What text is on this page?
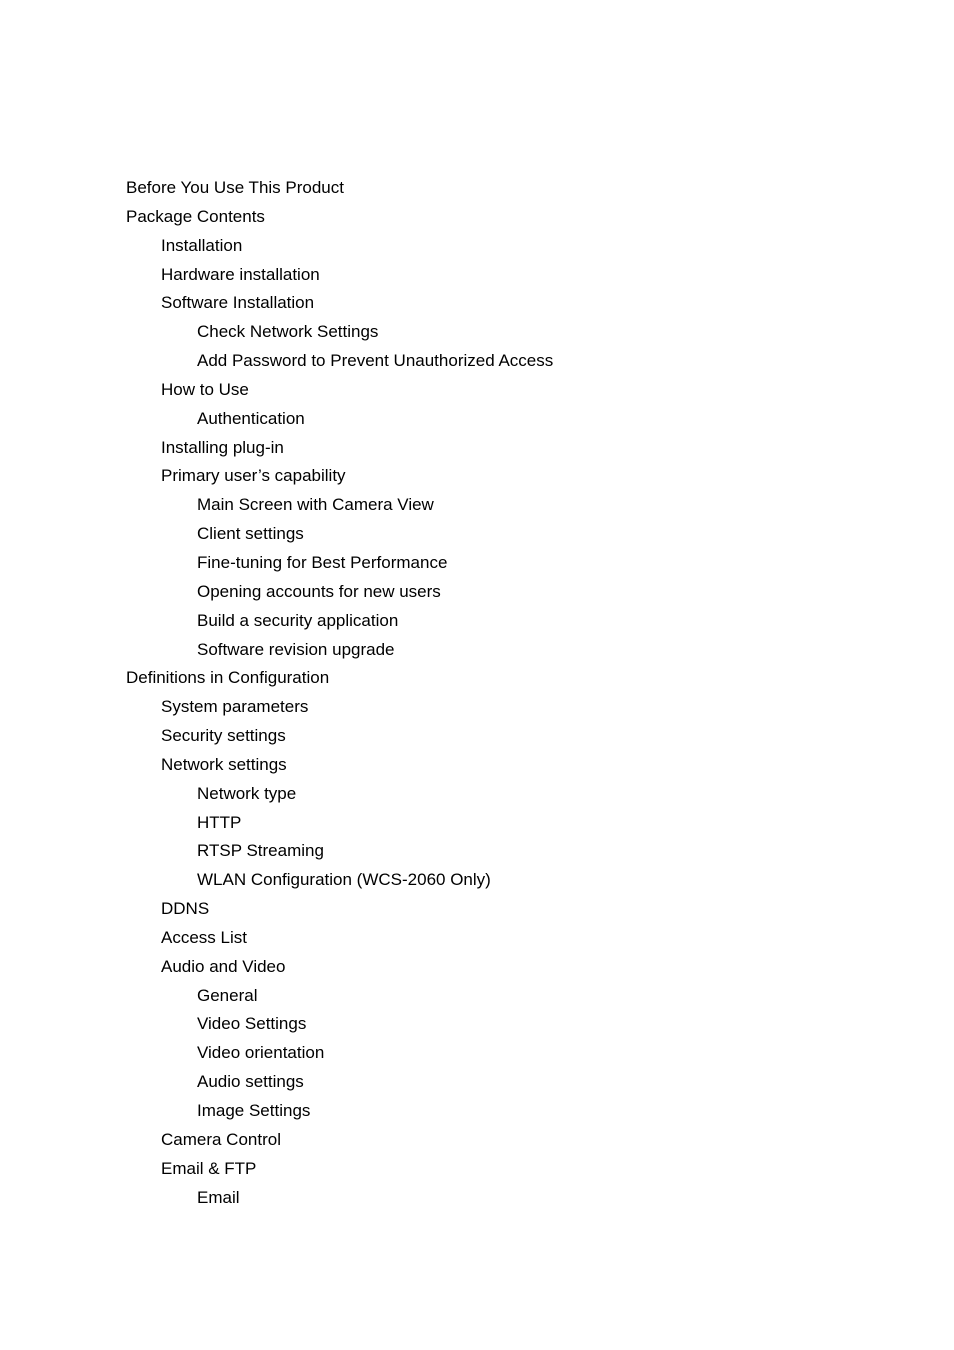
Before You Use This Product
Package Contents
Installation
Hardware installation
Software Installation
Check Network Settings
Add Password to Prevent Unauthorized Access
How to Use
Authentication
Installing plug-in
Primary user’s capability
Main Screen with Camera View
Client settings
Fine-tuning for Best Performance
Opening accounts for new users
Build a security application
Software revision upgrade
Definitions in Configuration
System parameters
Security settings
Network settings
Network type
HTTP
RTSP Streaming
WLAN Configuration (WCS-2060 Only)
DDNS
Access List
Audio and Video
General
Video Settings
Video orientation
Audio settings
Image Settings
Camera Control
Email & FTP
Email
